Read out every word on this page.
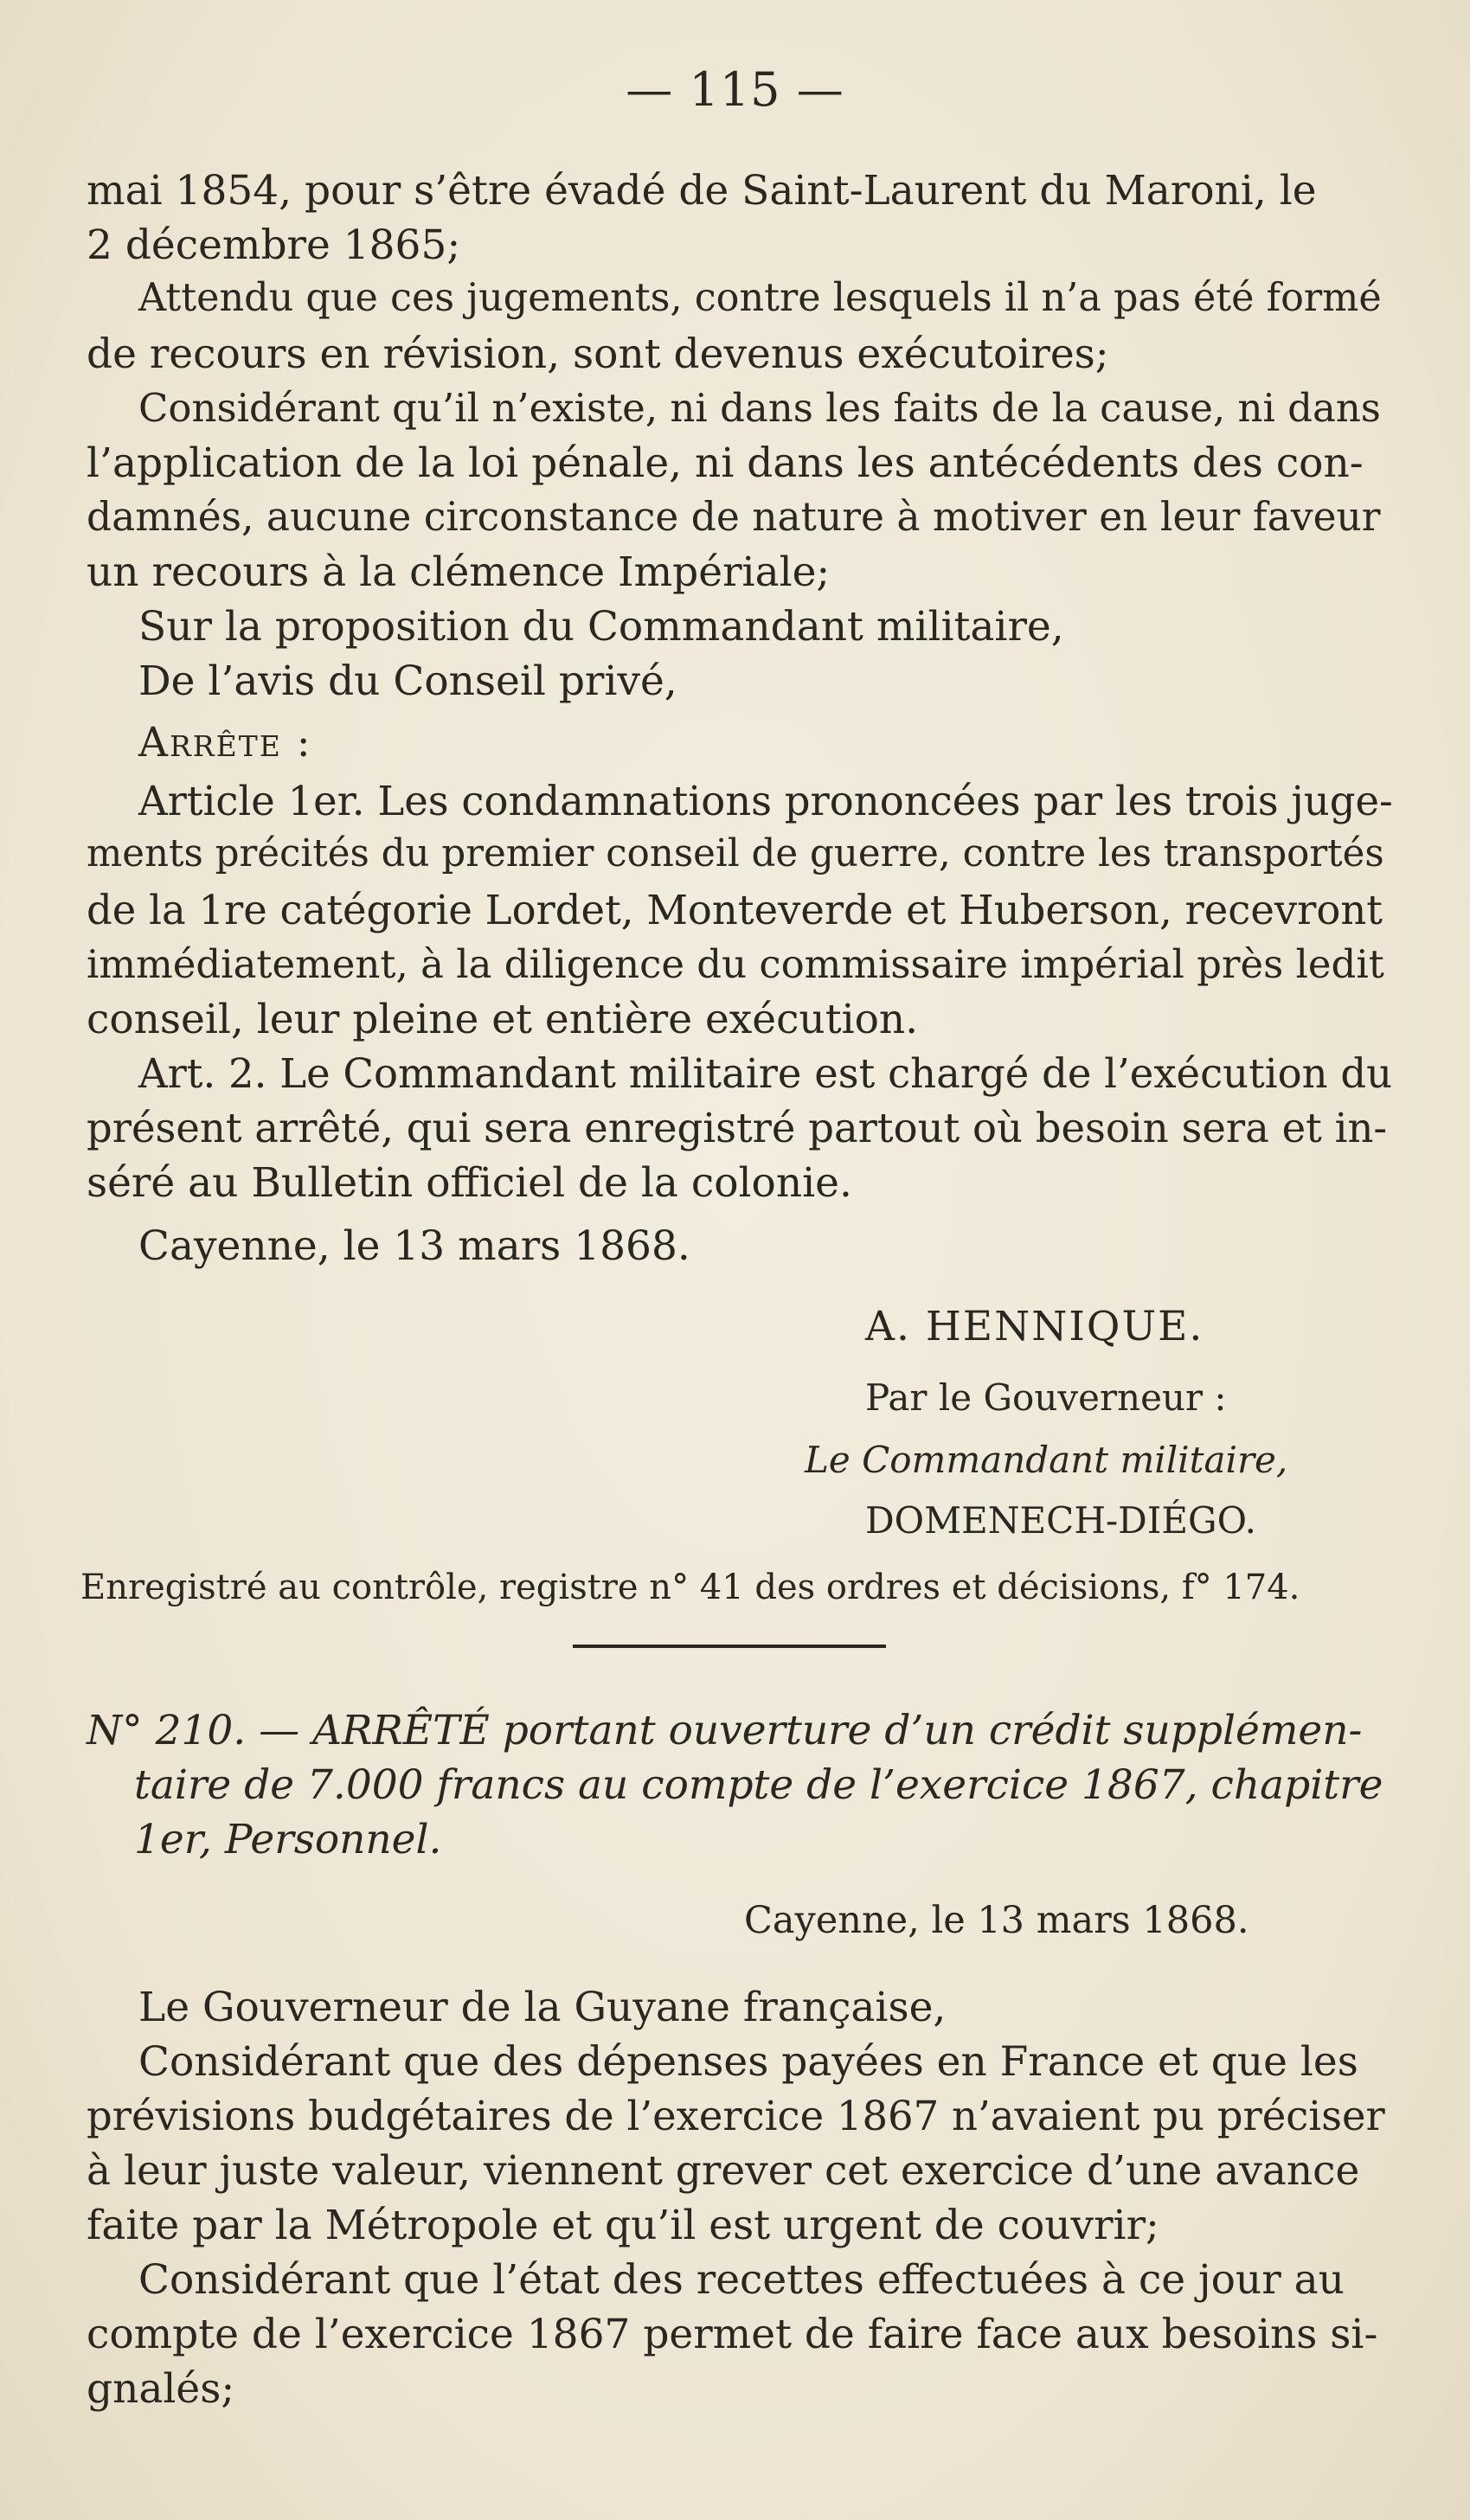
— 115 —
mai 1854, pour s’être évadé de Saint-Laurent du Maroni, le
2 décembre 1865;
Attendu que ces jugements, contre lesquels il n’a pas été formé
de recours en révision, sont devenus exécutoires;
Considérant qu’il n’existe, ni dans les faits de la cause, ni dans
l’application de la loi pénale, ni dans les antécédents des con-
damnés, aucune circonstance de nature à motiver en leur faveur
un recours à la clémence Impériale;
Sur la proposition du Commandant militaire,
De l’avis du Conseil privé,
Arrête :
Article 1er. Les condamnations prononcées par les trois juge-
ments précités du premier conseil de guerre, contre les transportés
de la 1re catégorie Lordet, Monteverde et Huberson, recevront
immédiatement, à la diligence du commissaire impérial près ledit
conseil, leur pleine et entière exécution.
Art. 2. Le Commandant militaire est chargé de l’exécution du
présent arrêté, qui sera enregistré partout où besoin sera et in-
séré au Bulletin officiel de la colonie.
Cayenne, le 13 mars 1868.
A. HENNIQUE.
Par le Gouverneur :
Le Commandant militaire,
DOMENECH-DIÉGO.
Enregistré au contrôle, registre n° 41 des ordres et décisions, f° 174.
N° 210. — ARRÊTÉ portant ouverture d’un crédit supplémen-
taire de 7.000 francs au compte de l’exercice 1867, chapitre
1er, Personnel.
Cayenne, le 13 mars 1868.
Le Gouverneur de la Guyane française,
Considérant que des dépenses payées en France et que les
prévisions budgétaires de l’exercice 1867 n’avaient pu préciser
à leur juste valeur, viennent grever cet exercice d’une avance
faite par la Métropole et qu’il est urgent de couvrir;
Considérant que l’état des recettes effectuées à ce jour au
compte de l’exercice 1867 permet de faire face aux besoins si-
gnalés;
